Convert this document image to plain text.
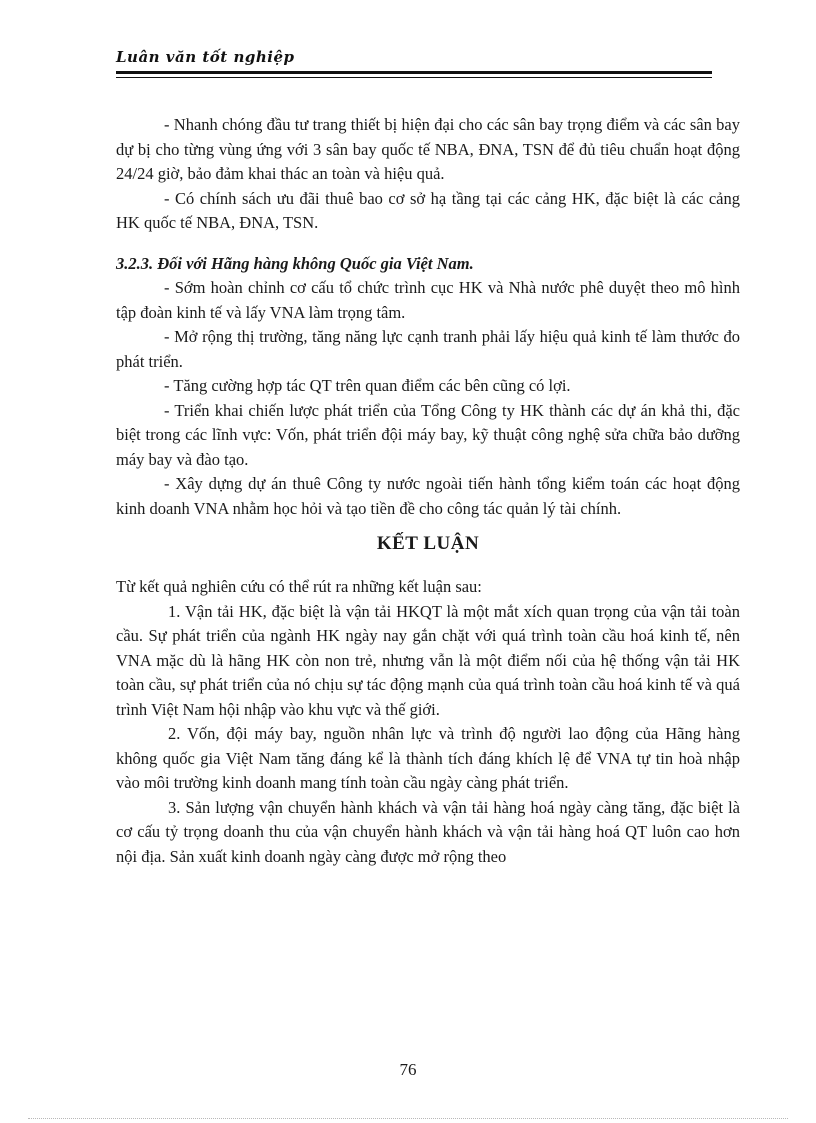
Luân văn tốt nghiệp

- Nhanh chóng đầu tư trang thiết bị hiện đại cho các sân bay trọng điểm và các sân bay dự bị cho từng vùng ứng với 3 sân bay quốc tế NBA, ĐNA, TSN để đủ tiêu chuẩn hoạt động 24/24 giờ, bảo đảm khai thác an toàn và hiệu quả.

- Có chính sách ưu đãi thuê bao cơ sở hạ tầng tại các cảng HK, đặc biệt là các cảng HK quốc tế NBA, ĐNA, TSN.

3.2.3. Đối với Hãng hàng không Quốc gia Việt Nam.

- Sớm hoàn chỉnh cơ cấu tổ chức trình cục HK và Nhà nước phê duyệt theo mô hình tập đoàn kinh tế và lấy VNA làm trọng tâm.

- Mở rộng thị trường, tăng năng lực cạnh tranh phải lấy hiệu quả kinh tế làm thước đo phát triển.

- Tăng cường hợp tác QT trên quan điểm các bên cũng có lợi.

- Triển khai chiến lược phát triển của Tổng Công ty HK thành các dự án khả thi, đặc biệt trong các lĩnh vực: Vốn, phát triển đội máy bay, kỹ thuật công nghệ sửa chữa bảo dưỡng máy bay và đào tạo.

- Xây dựng dự án thuê Công ty nước ngoài tiến hành tổng kiểm toán các hoạt động kinh doanh VNA nhằm học hỏi và tạo tiền đề cho công tác quản lý tài chính.

KẾT LUẬN

Từ kết quả nghiên cứu có thể rút ra những kết luận sau:

1. Vận tải HK, đặc biệt là vận tải HKQT là một mắt xích quan trọng của vận tải toàn cầu. Sự phát triển của ngành HK ngày nay gắn chặt với quá trình toàn cầu hoá kinh tế, nên VNA mặc dù là hãng HK còn non trẻ, nhưng vẫn là một điểm nối của hệ thống vận tải HK toàn cầu, sự phát triển của nó chịu sự tác động mạnh của quá trình toàn cầu hoá kinh tế và quá trình Việt Nam hội nhập vào khu vực và thế giới.

2. Vốn, đội máy bay, nguồn nhân lực và trình độ người lao động của Hãng hàng không quốc gia Việt Nam tăng đáng kể là thành tích đáng khích lệ để VNA tự tin hoà nhập vào môi trường kinh doanh mang tính toàn cầu ngày càng phát triển.

3. Sản lượng vận chuyển hành khách và vận tải hàng hoá ngày càng tăng, đặc biệt là cơ cấu tỷ trọng doanh thu của vận chuyển hành khách và vận tải hàng hoá QT luôn cao hơn nội địa. Sản xuất kinh doanh ngày càng được mở rộng theo

76
